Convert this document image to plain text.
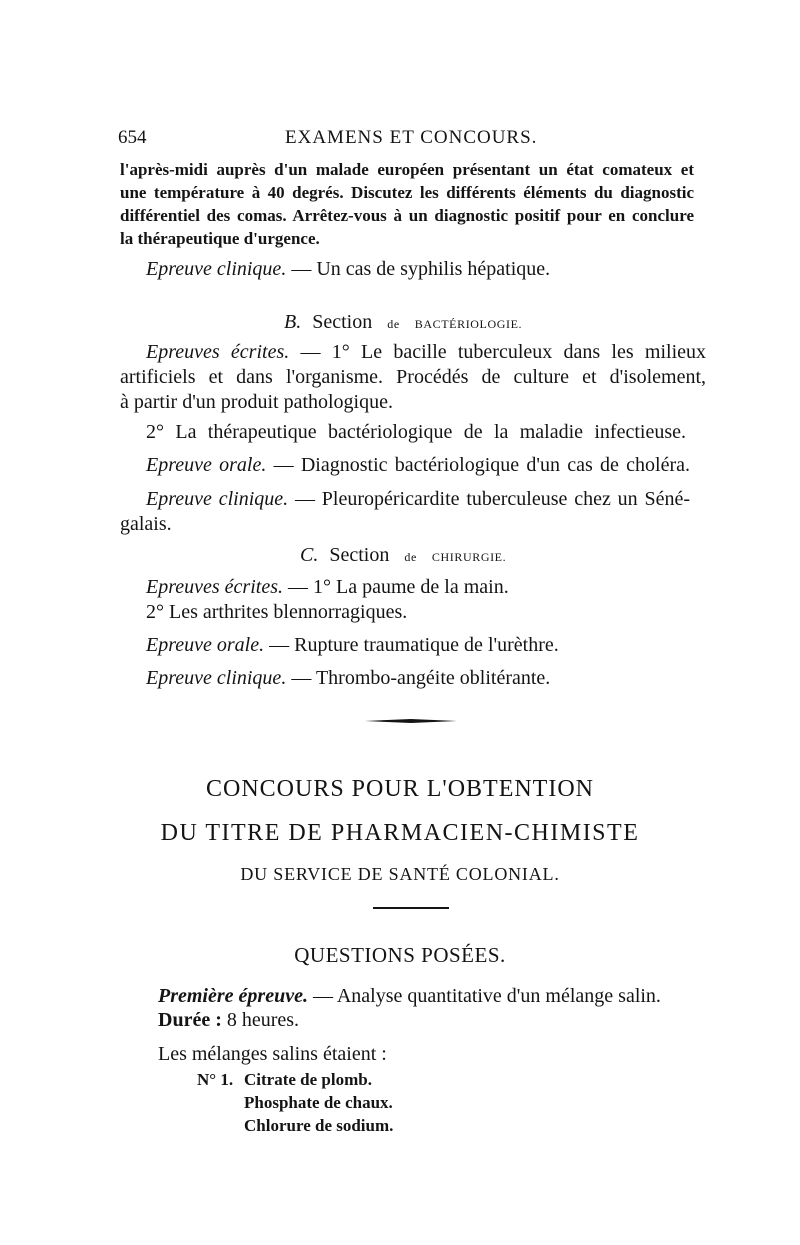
654	EXAMENS ET CONCOURS.
l'après-midi auprès d'un malade européen présentant un état comateux et
une température à 40 degrés. Discutez les différents éléments du diagnostic
différentiel des comas. Arrêtez-vous à un diagnostic positif pour en conclure
la thérapeutique d'urgence.
Epreuve clinique. — Un cas de syphilis hépatique.
B. Section de BACTÉRIOLOGIE.
Epreuves écrites. — 1° Le bacille tuberculeux dans les milieux
artificiels et dans l'organisme. Procédés de culture et d'isolement,
à partir d'un produit pathologique.
2° La thérapeutique bactériologique de la maladie infectieuse.
Epreuve orale. — Diagnostic bactériologique d'un cas de choléra.
Epreuve clinique. — Pleuropéricardite tuberculeuse chez un Séné-
galais.
C. Section de CHIRURGIE.
Epreuves écrites. — 1° La paume de la main.
2° Les arthrites blennorragiques.
Epreuve orale. — Rupture traumatique de l'urèthre.
Epreuve clinique. — Thrombo-angéite oblitérante.
CONCOURS POUR L'OBTENTION
DU TITRE DE PHARMACIEN-CHIMISTE
DU SERVICE DE SANTÉ COLONIAL.
QUESTIONS POSÉES.
Première épreuve. — Analyse quantitative d'un mélange salin.
Durée : 8 heures.
Les mélanges salins étaient :
N° 1. Citrate de plomb.
Phosphate de chaux.
Chlorure de sodium.
